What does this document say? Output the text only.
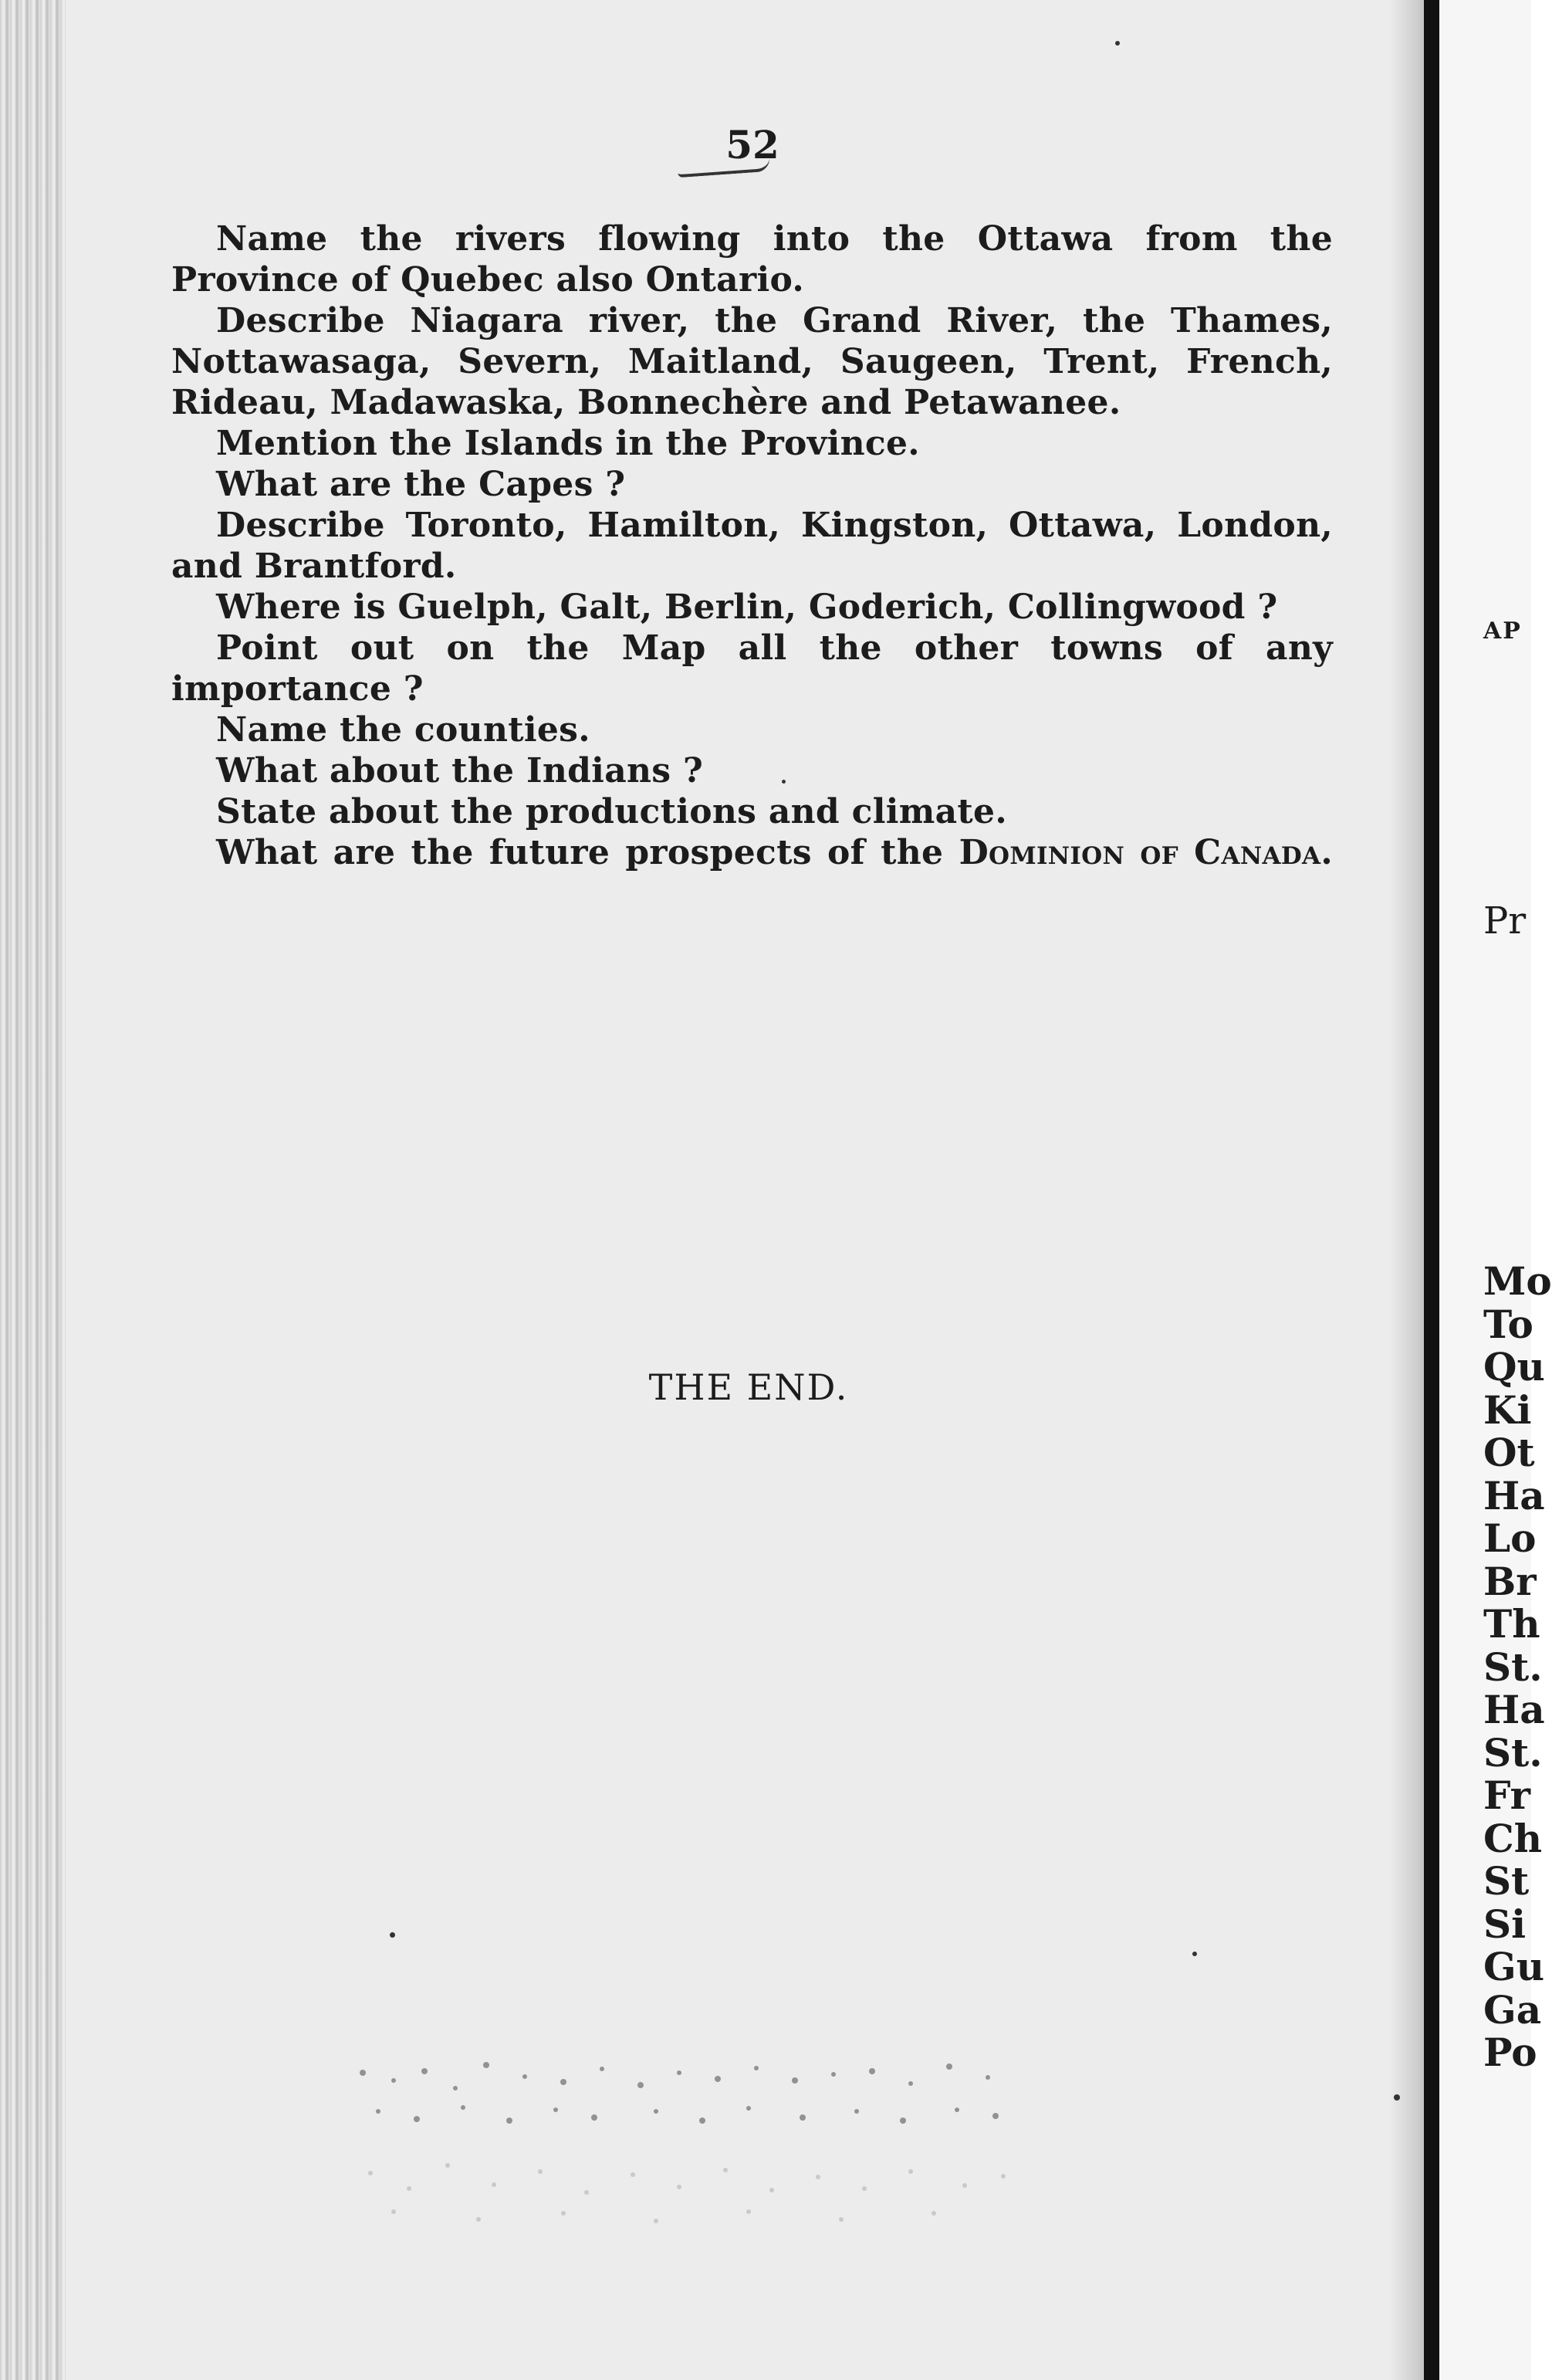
52

Name the rivers flowing into the Ottawa from the Province of Quebec also Ontario.

Describe Niagara river, the Grand River, the Thames, Nottawasaga, Severn, Maitland, Saugeen, Trent, French, Rideau, Madawaska, Bonnechère and Petawanee.

Mention the Islands in the Province.

What are the Capes ?

Describe Toronto, Hamilton, Kingston, Ottawa, London, and Brantford.

Where is Guelph, Galt, Berlin, Goderich, Collingwood ?

Point out on the Map all the other towns of any importance ?

Name the counties.

What about the Indians ?

State about the productions and climate.

What are the future prospects of the Dominion of Canada.

THE END.

AP
Pr
Mo
To
Qu
Ki
Ot
Ha
Lo
Br
Th
St.
Ha
St.
Fr
Ch
St
Si
Gu
Ga
Po
